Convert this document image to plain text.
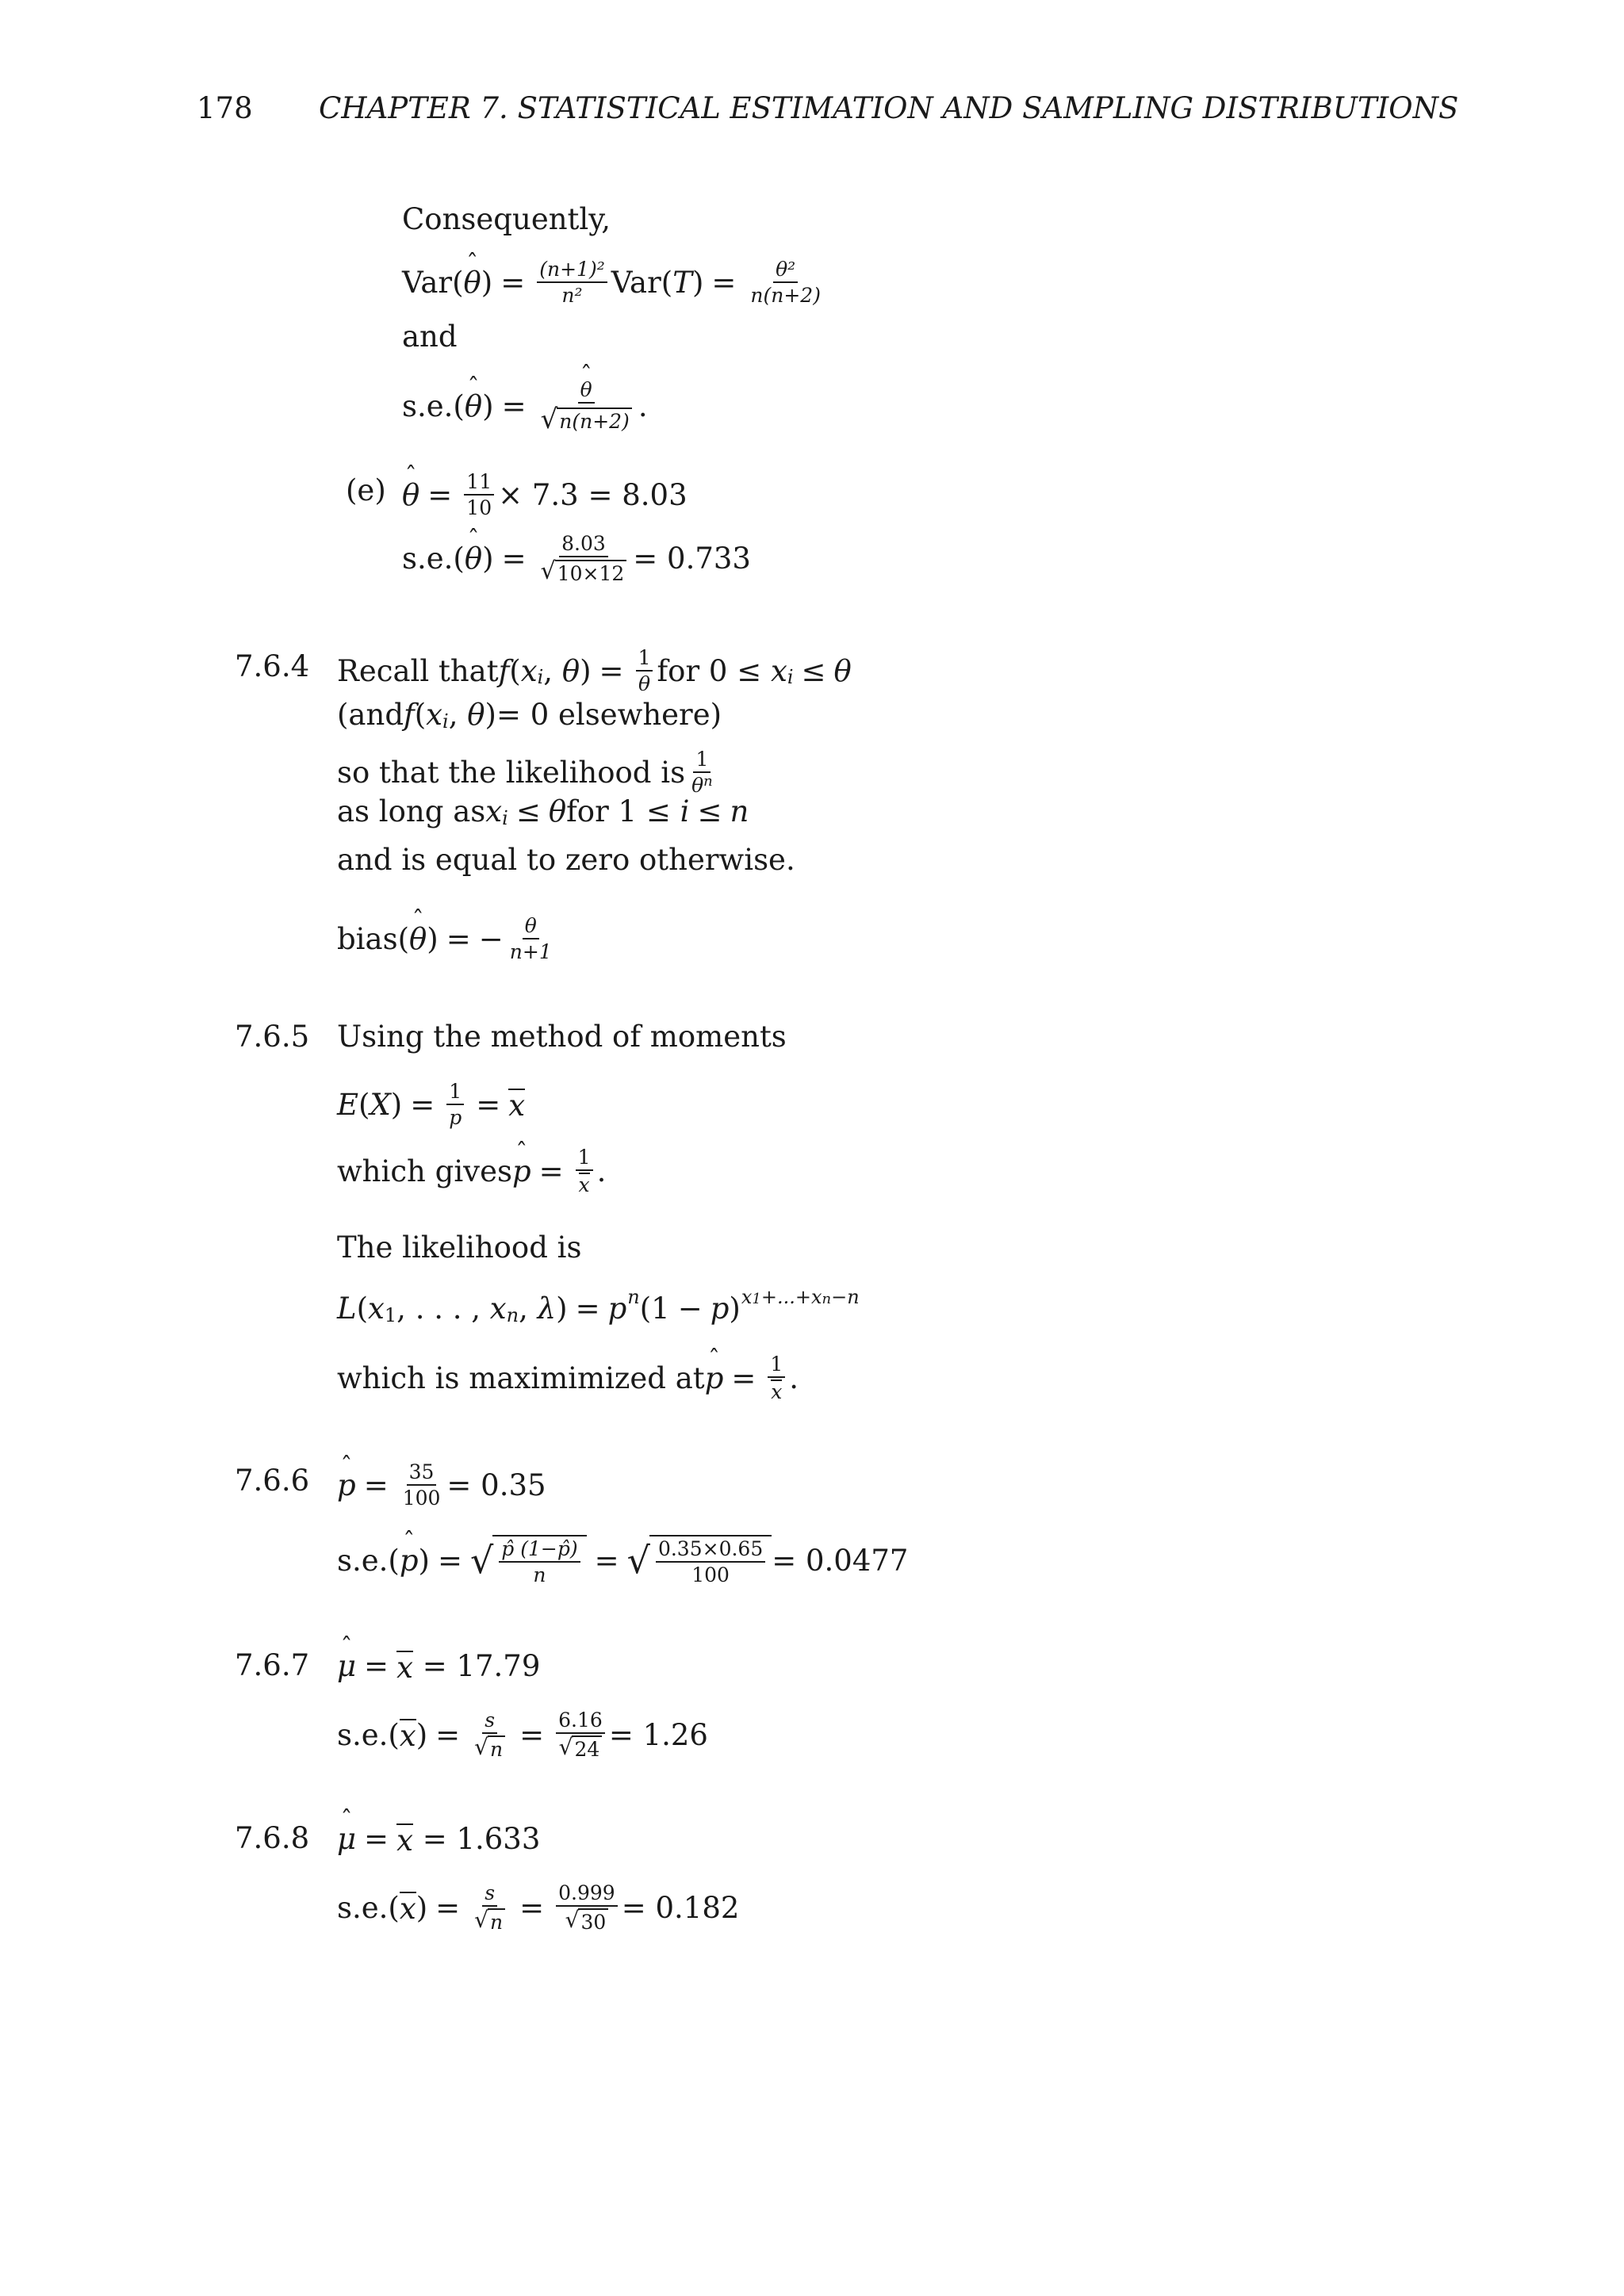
178 CHAPTER 7. STATISTICAL ESTIMATION AND SAMPLING DISTRIBUTIONS
Consequently,
Var( θ ˆ ) = $\frac{\text{(n+1)²}}{\text{n²}} Var$( T ) = $\frac{\text{θ²}}{n(n+2)}$
and
s.e.( θ ˆ ) = $\frac{\text{θ ˆ}}{√ n(n+2)}$ .
(e) θ ˆ = $\frac{11}{10} \times 7.3 = 8.03$
s.e.( θ ˆ ) = $\frac{8.03}{√ 10\times 12} = 0.733$
7.6.4 Recall that f ( x i , θ ) = $\frac{1}{\theta}$ for 0 ≤ x i ≤ θ
(and f ( x i , θ ) = 0 elsewhere)
so that the likelihood is $\frac{1}{\theta^n}$
as long as x i ≤ θ for 1 ≤ i ≤ n
and is equal to zero otherwise.
bias( θ ˆ ) = − $\frac{\theta}{n+1}$
7.6.5 Using the method of moments
E ( X ) = $\frac{1}{p} = x$
which gives p ˆ = $\frac{1}{x}$ .
The likelihood is
L ( x 1 , . . . , x n , λ ) = p n (1 − p ) x1+...+xn−n
which is maximimized at p ˆ = $\frac{1}{x}$ .
7.6.6 p ˆ = $\frac{35}{100} = 0.35$
s.e.( p ˆ ) = √ $\frac{p̂ (1-p̂)}{n}$ = √ $\frac{0.35\times 0.65}{100} = 0.0477$
7.6.7 μ ˆ = x
= 17.79
s.e.( x ) = $\frac{s}{√ n} = \frac{6.16}{√ 24} = 1.26$
7.6.8 μ ˆ = x
= 1.633
s.e.( x ) = $\frac{s}{√ n} = \frac{0.999}{√ 30} = 0.182$
